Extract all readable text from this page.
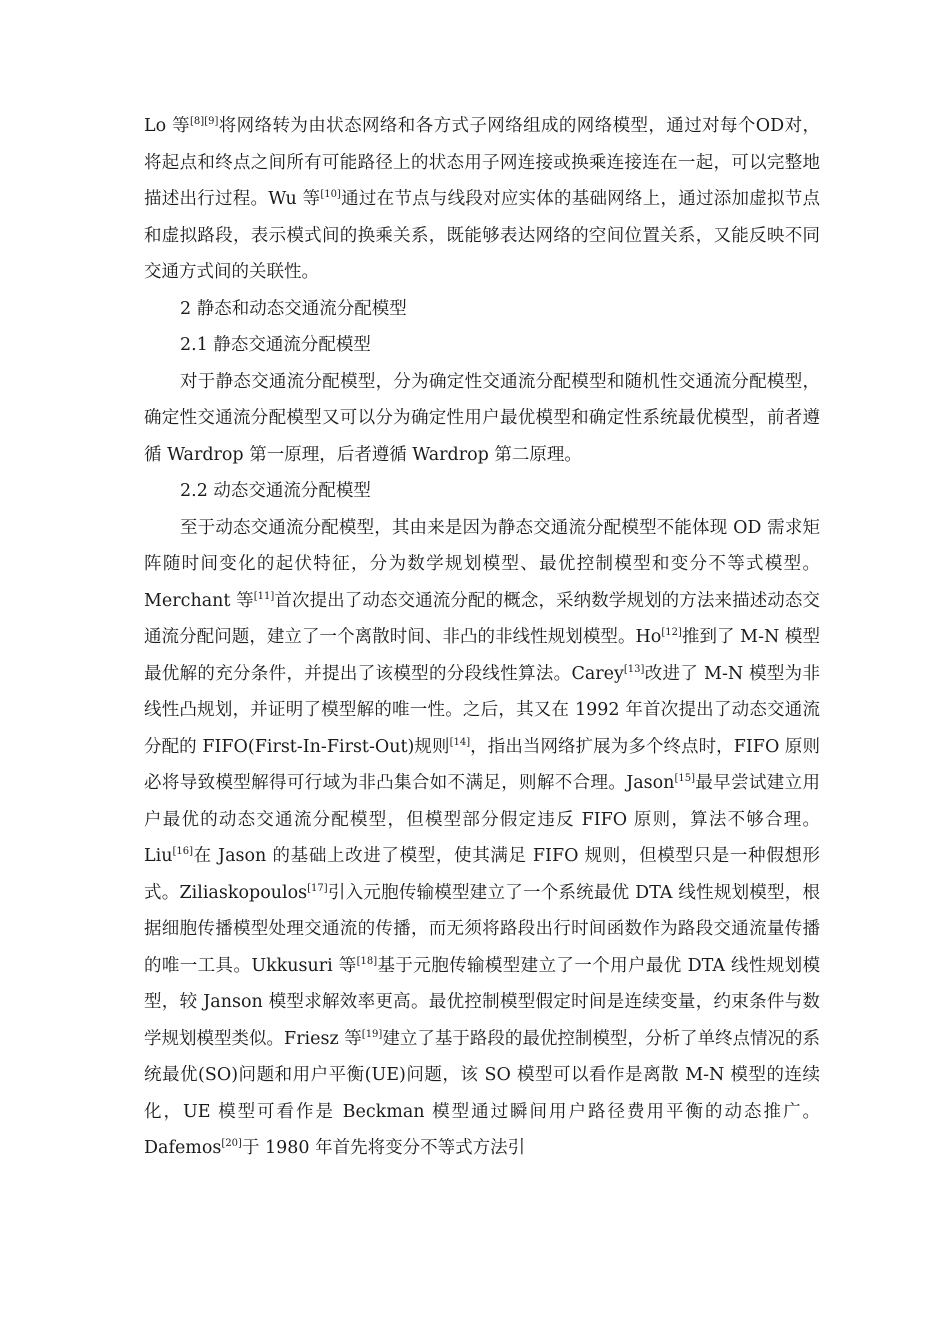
Lo 等[8][9]将网络转为由状态网络和各方式子网络组成的网络模型，通过对每个OD对，将起点和终点之间所有可能路径上的状态用子网连接或换乘连接连在一起，可以完整地描述出行过程。Wu 等[10]通过在节点与线段对应实体的基础网络上，通过添加虚拟节点和虚拟路段，表示模式间的换乘关系，既能够表达网络的空间位置关系，又能反映不同交通方式间的关联性。

2 静态和动态交通流分配模型

2.1 静态交通流分配模型

对于静态交通流分配模型，分为确定性交通流分配模型和随机性交通流分配模型，确定性交通流分配模型又可以分为确定性用户最优模型和确定性系统最优模型，前者遵循 Wardrop 第一原理，后者遵循 Wardrop 第二原理。

2.2 动态交通流分配模型

至于动态交通流分配模型，其由来是因为静态交通流分配模型不能体现 OD 需求矩阵随时间变化的起伏特征，分为数学规划模型、最优控制模型和变分不等式模型。Merchant 等[11]首次提出了动态交通流分配的概念，采纳数学规划的方法来描述动态交通流分配问题，建立了一个离散时间、非凸的非线性规划模型。Ho[12]推到了 M-N 模型最优解的充分条件，并提出了该模型的分段线性算法。Carey[13]改进了 M-N 模型为非线性凸规划，并证明了模型解的唯一性。之后，其又在 1992 年首次提出了动态交通流分配的 FIFO(First-In-First-Out)规则[14]，指出当网络扩展为多个终点时，FIFO 原则必将导致模型解得可行域为非凸集合如不满足，则解不合理。Jason[15]最早尝试建立用户最优的动态交通流分配模型，但模型部分假定违反 FIFO 原则，算法不够合理。Liu[16]在 Jason 的基础上改进了模型，使其满足 FIFO 规则，但模型只是一种假想形式。Ziliaskopoulos[17]引入元胞传输模型建立了一个系统最优 DTA 线性规划模型，根据细胞传播模型处理交通流的传播，而无须将路段出行时间函数作为路段交通流量传播的唯一工具。Ukkusuri 等[18]基于元胞传输模型建立了一个用户最优 DTA 线性规划模型，较 Janson 模型求解效率更高。最优控制模型假定时间是连续变量，约束条件与数学规划模型类似。Friesz 等[19]建立了基于路段的最优控制模型，分析了单终点情况的系统最优(SO)问题和用户平衡(UE)问题，该 SO 模型可以看作是离散 M-N 模型的连续化，UE 模型可看作是 Beckman 模型通过瞬间用户路径费用平衡的动态推广。Dafemos[20]于 1980 年首先将变分不等式方法引
